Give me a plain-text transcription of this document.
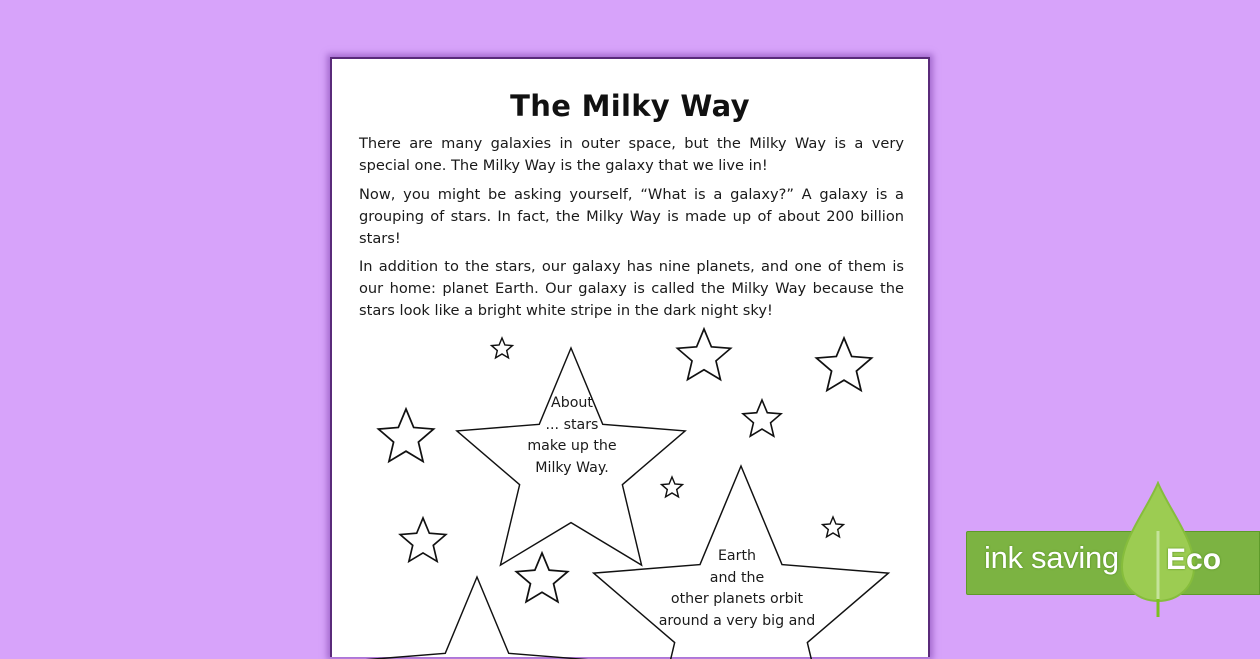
The Milky Way

There are many galaxies in outer space, but the Milky Way is a very special one. The Milky Way is the galaxy that we live in!

Now, you might be asking yourself, “What is a galaxy?” A galaxy is a grouping of stars. In fact, the Milky Way is made up of about 200 billion stars!

In addition to the stars, our galaxy has nine planets, and one of them is our home: planet Earth. Our galaxy is called the Milky Way because the stars look like a bright white stripe in the dark night sky!

About
... stars
make up the
Milky Way.
Earth
and the
other planets orbit
around a very big and
ink saving Eco
